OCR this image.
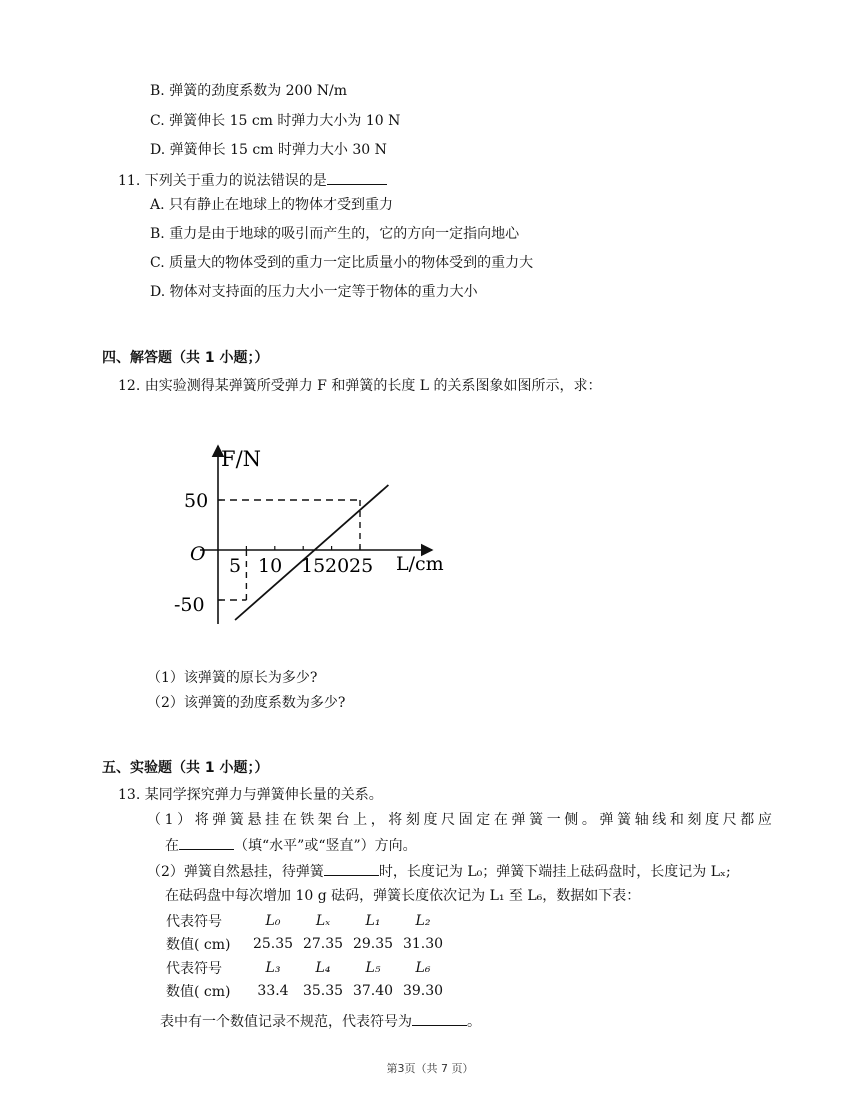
B. 弹簧的劲度系数为 200 N/m
C. 弹簧伸长 15 cm 时弹力大小为 10 N
D. 弹簧伸长 15 cm 时弹力大小 30 N
11. 下列关于重力的说法错误的是
A. 只有静止在地球上的物体才受到重力
B. 重力是由于地球的吸引而产生的，它的方向一定指向地心
C. 质量大的物体受到的重力一定比质量小的物体受到的重力大
D. 物体对支持面的压力大小一定等于物体的重力大小
四、解答题（共 1 小题；）
12. 由实验测得某弹簧所受弹力 F 和弹簧的长度 L 的关系图象如图所示，求：
F/N
L/cm
O
50
-50
5 10 15 20 25
（1）该弹簧的原长为多少?
（2）该弹簧的劲度系数为多少?
五、实验题（共 1 小题；）
13. 某同学探究弹力与弹簧伸长量的关系。
（1）将弹簧悬挂在铁架台上，将刻度尺固定在弹簧一侧。弹簧轴线和刻度尺都应
在	（填“水平”或“竖直”）方向。
（2）弹簧自然悬挂，待弹簧	时，长度记为 L₀；弹簧下端挂上砝码盘时，长度记为 Lₓ;
在砝码盘中每次增加 10 g 砝码，弹簧长度依次记为 L₁ 至 L₆，数据如下表：
代表符号	L₀	Lₓ	L₁	L₂
数值( cm)	25.35	27.35	29.35	31.30
代表符号	L₃	L₄	L₅	L₆
数值( cm)	33.4	35.35	37.40	39.30
表中有一个数值记录不规范，代表符号为	。
第3页（共 7 页）
